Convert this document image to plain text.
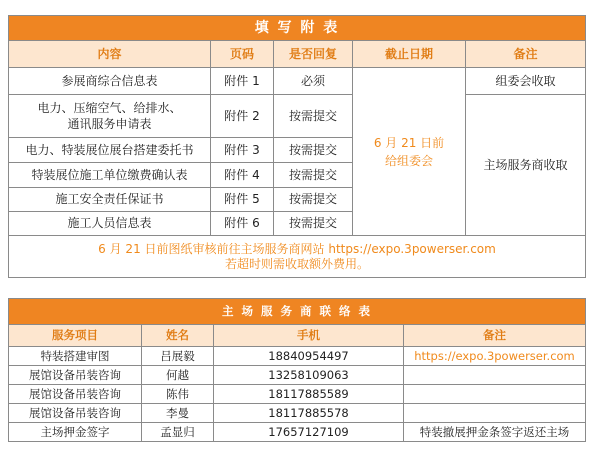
填 写 附 表				
内容	页码	是否回复	截止日期	备注
参展商综合信息表	附件 1	必须	6 月 21 日前给组委会	组委会收取

电力、压缩空气、给排水、通讯服务申请表	附件 2	按需提交		主场服务商收取
电力、特装展位展台搭建委托书	附件 3	按需提交		
特装展位施工单位缴费确认表	附件 4	按需提交		
施工安全责任保证书	附件 5	按需提交		
施工人员信息表	附件 6	按需提交		

6 月 21 日前图纸审核前往主场服务商网站 https://expo.3powerser.com
若超时则需收取额外费用。				
主 场 服 务 商 联 络 表			
服务项目	姓名	手机	备注
特装搭建审图	吕展毅	18840954497	https://expo.3powerser.com
展馆设备吊装咨询	何越	13258109063	
展馆设备吊装咨询	陈伟	18117885589	
展馆设备吊装咨询	李曼	18117885578	
主场押金签字	孟显归	17657127109	特装撤展押金条签字返还主场
